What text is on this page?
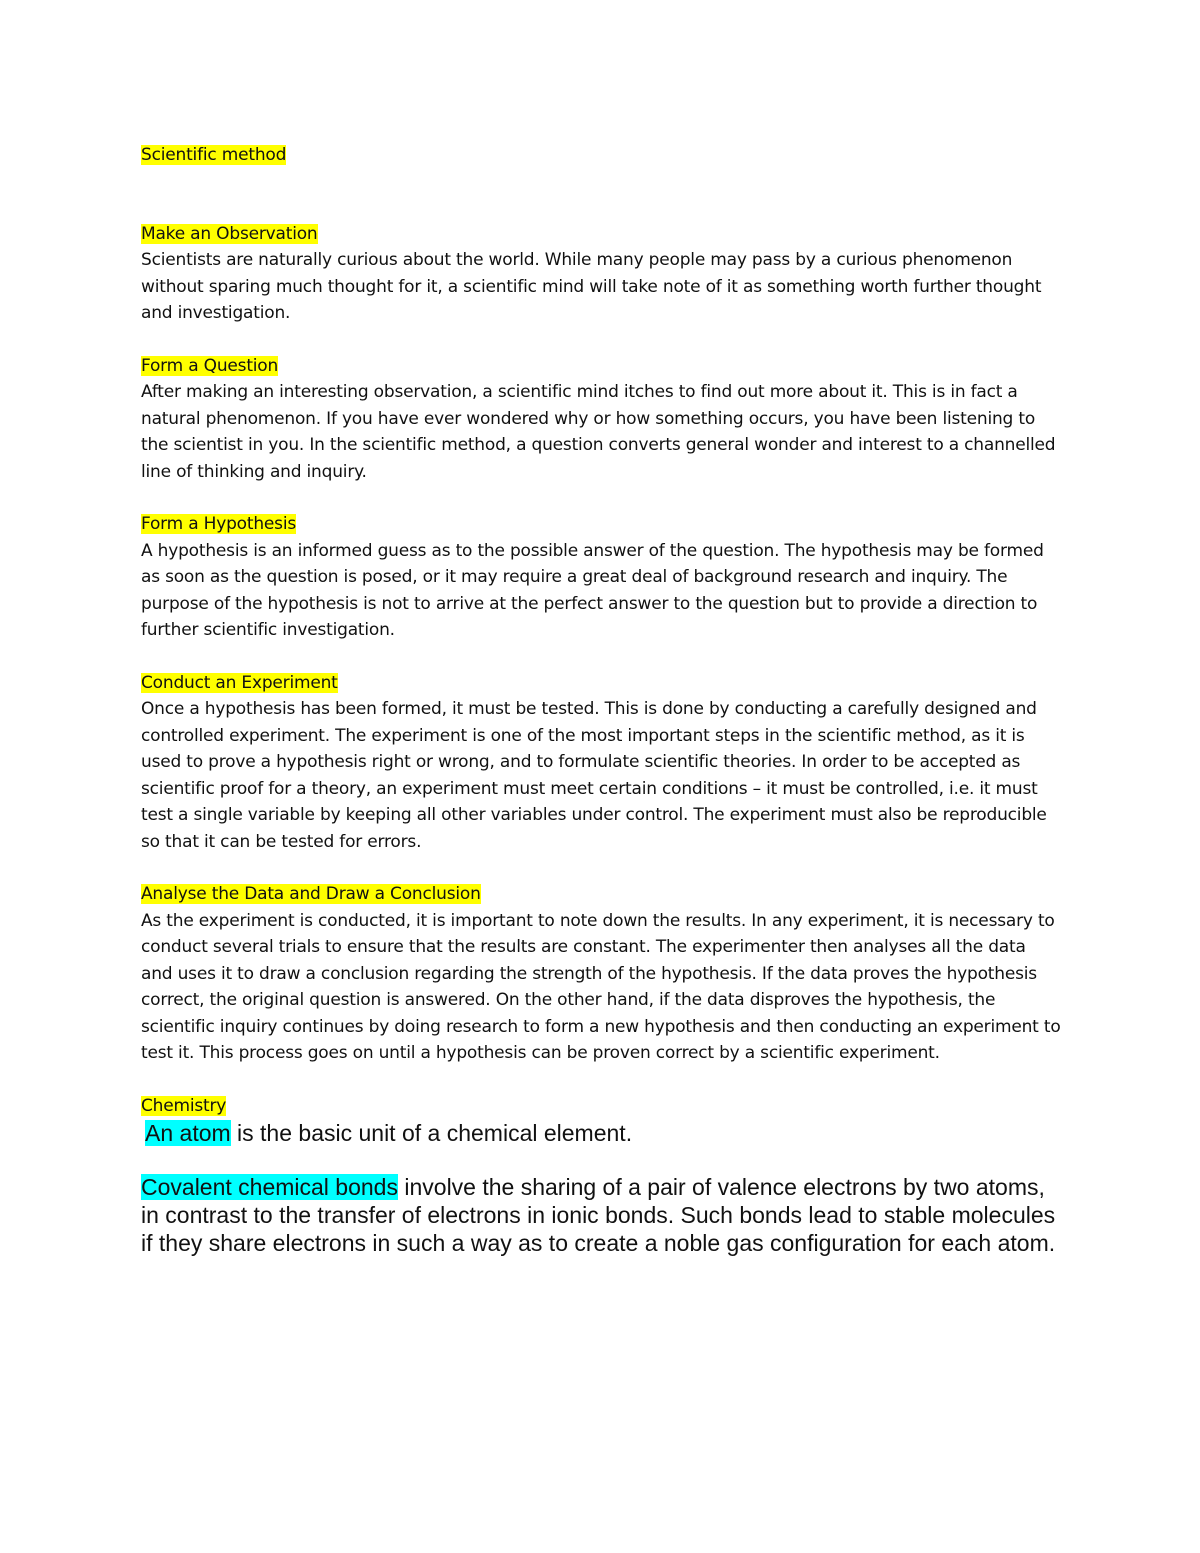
Scientific method

Make an Observation

Scientists are naturally curious about the world. While many people may pass by a curious phenomenon without sparing much thought for it, a scientific mind will take note of it as something worth further thought and investigation.

Form a Question

After making an interesting observation, a scientific mind itches to find out more about it. This is in fact a natural phenomenon. If you have ever wondered why or how something occurs, you have been listening to the scientist in you. In the scientific method, a question converts general wonder and interest to a channelled line of thinking and inquiry.

Form a Hypothesis

A hypothesis is an informed guess as to the possible answer of the question. The hypothesis may be formed as soon as the question is posed, or it may require a great deal of background research and inquiry. The purpose of the hypothesis is not to arrive at the perfect answer to the question but to provide a direction to further scientific investigation.

Conduct an Experiment

Once a hypothesis has been formed, it must be tested. This is done by conducting a carefully designed and controlled experiment. The experiment is one of the most important steps in the scientific method, as it is used to prove a hypothesis right or wrong, and to formulate scientific theories. In order to be accepted as scientific proof for a theory, an experiment must meet certain conditions – it must be controlled, i.e. it must test a single variable by keeping all other variables under control. The experiment must also be reproducible so that it can be tested for errors.

Analyse the Data and Draw a Conclusion

As the experiment is conducted, it is important to note down the results. In any experiment, it is necessary to conduct several trials to ensure that the results are constant. The experimenter then analyses all the data and uses it to draw a conclusion regarding the strength of the hypothesis. If the data proves the hypothesis correct, the original question is answered. On the other hand, if the data disproves the hypothesis, the scientific inquiry continues by doing research to form a new hypothesis and then conducting an experiment to test it. This process goes on until a hypothesis can be proven correct by a scientific experiment.

Chemistry

An atom is the basic unit of a chemical element.

Covalent chemical bonds involve the sharing of a pair of valence electrons by two atoms, in contrast to the transfer of electrons in ionic bonds. Such bonds lead to stable molecules if they share electrons in such a way as to create a noble gas configuration for each atom.
